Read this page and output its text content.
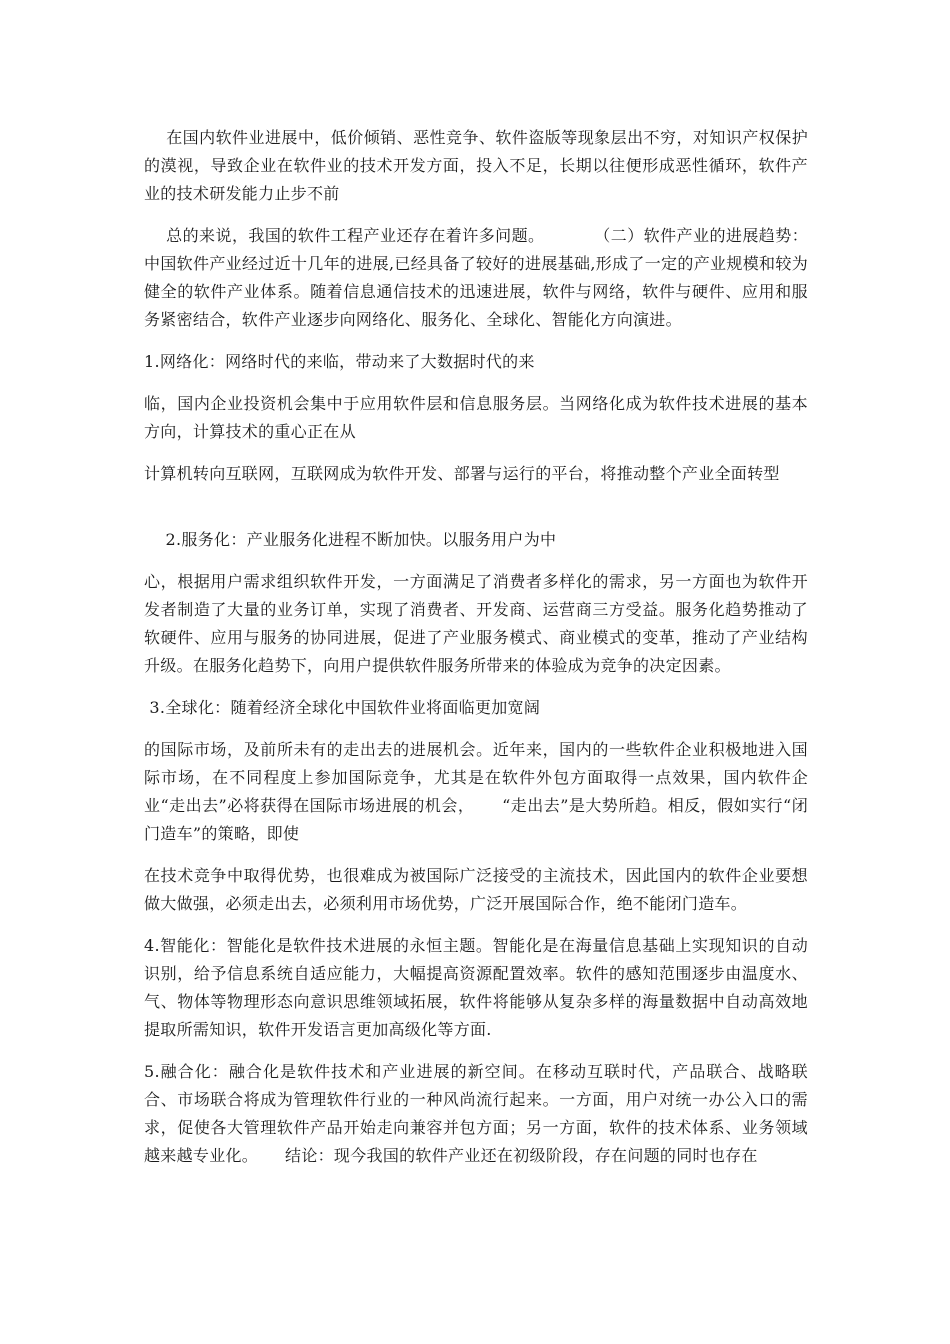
在国内软件业进展中，低价倾销、恶性竞争、软件盗版等现象层出不穷，对知识产权保护的漠视，导致企业在软件业的技术开发方面，投入不足，长期以往便形成恶性循环，软件产业的技术研发能力止步不前

总的来说，我国的软件工程产业还存在着许多问题。         （二）软件产业的进展趋势：中国软件产业经过近十几年的进展,已经具备了较好的进展基础,形成了一定的产业规模和较为健全的软件产业体系。随着信息通信技术的迅速进展，软件与网络，软件与硬件、应用和服务紧密结合，软件产业逐步向网络化、服务化、全球化、智能化方向演进。

1.网络化：网络时代的来临，带动来了大数据时代的来

临，国内企业投资机会集中于应用软件层和信息服务层。当网络化成为软件技术进展的基本方向，计算技术的重心正在从

计算机转向互联网，互联网成为软件开发、部署与运行的平台，将推动整个产业全面转型

2.服务化：产业服务化进程不断加快。以服务用户为中

心，根据用户需求组织软件开发，一方面满足了消费者多样化的需求，另一方面也为软件开发者制造了大量的业务订单，实现了消费者、开发商、运营商三方受益。服务化趋势推动了软硬件、应用与服务的协同进展，促进了产业服务模式、商业模式的变革，推动了产业结构升级。在服务化趋势下，向用户提供软件服务所带来的体验成为竞争的决定因素。

3.全球化：随着经济全球化中国软件业将面临更加宽阔

的国际市场，及前所未有的走出去的进展机会。近年来，国内的一些软件企业积极地进入国际市场，在不同程度上参加国际竞争，尤其是在软件外包方面取得一点效果，国内软件企业“走出去”必将获得在国际市场进展的机会，     “走出去”是大势所趋。相反，假如实行“闭门造车”的策略，即使

在技术竞争中取得优势，也很难成为被国际广泛接受的主流技术，因此国内的软件企业要想做大做强，必须走出去，必须利用市场优势，广泛开展国际合作，绝不能闭门造车。

4.智能化：智能化是软件技术进展的永恒主题。智能化是在海量信息基础上实现知识的自动识别，给予信息系统自适应能力，大幅提高资源配置效率。软件的感知范围逐步由温度水、气、物体等物理形态向意识思维领域拓展，软件将能够从复杂多样的海量数据中自动高效地提取所需知识，软件开发语言更加高级化等方面.

5.融合化：融合化是软件技术和产业进展的新空间。在移动互联时代，产品联合、战略联合、市场联合将成为管理软件行业的一种风尚流行起来。一方面，用户对统一办公入口的需求，促使各大管理软件产品开始走向兼容并包方面；另一方面，软件的技术体系、业务领域越来越专业化。     结论：现今我国的软件产业还在初级阶段，存在问题的同时也存在
